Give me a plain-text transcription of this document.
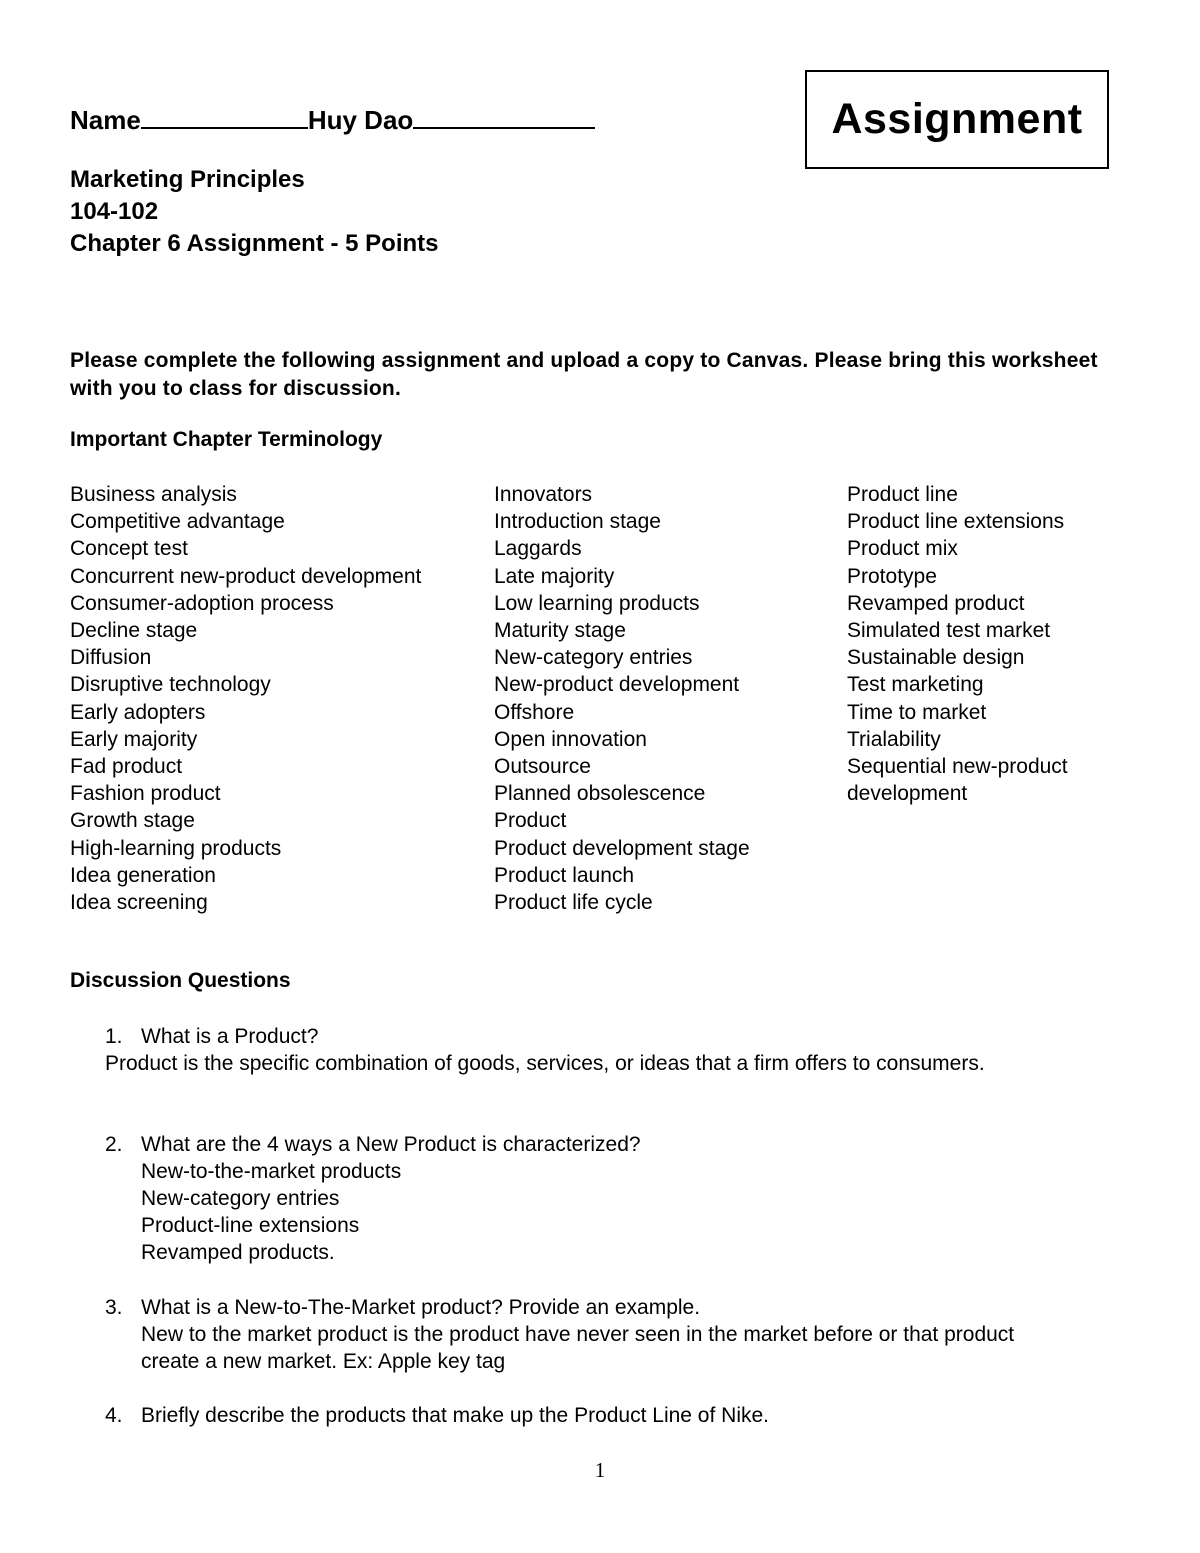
Name	Huy Dao	Assignment
Marketing Principles
104-102
Chapter 6 Assignment - 5 Points
Please complete the following assignment and upload a copy to Canvas. Please bring this worksheet with you to class for discussion.
Important Chapter Terminology
Business analysis
Competitive advantage
Concept test
Concurrent new-product development
Consumer-adoption process
Decline stage
Diffusion
Disruptive technology
Early adopters
Early majority
Fad product
Fashion product
Growth stage
High-learning products
Idea generation
Idea screening
Innovators
Introduction stage
Laggards
Late majority
Low learning products
Maturity stage
New-category entries
New-product development
Offshore
Open innovation
Outsource
Planned obsolescence
Product
Product development stage
Product launch
Product life cycle
Product line
Product line extensions
Product mix
Prototype
Revamped product
Simulated test market
Sustainable design
Test marketing
Time to market
Trialability
Sequential new-product
development
Discussion Questions
1. What is a Product?
Product is the specific combination of goods, services, or ideas that a firm offers to consumers.
2. What are the 4 ways a New Product is characterized?
New-to-the-market products
New-category entries
Product-line extensions
Revamped products.
3. What is a New-to-The-Market product? Provide an example.
New to the market product is the product have never seen in the market before or that product
create a new market. Ex: Apple key tag
4. Briefly describe the products that make up the Product Line of Nike.
1
